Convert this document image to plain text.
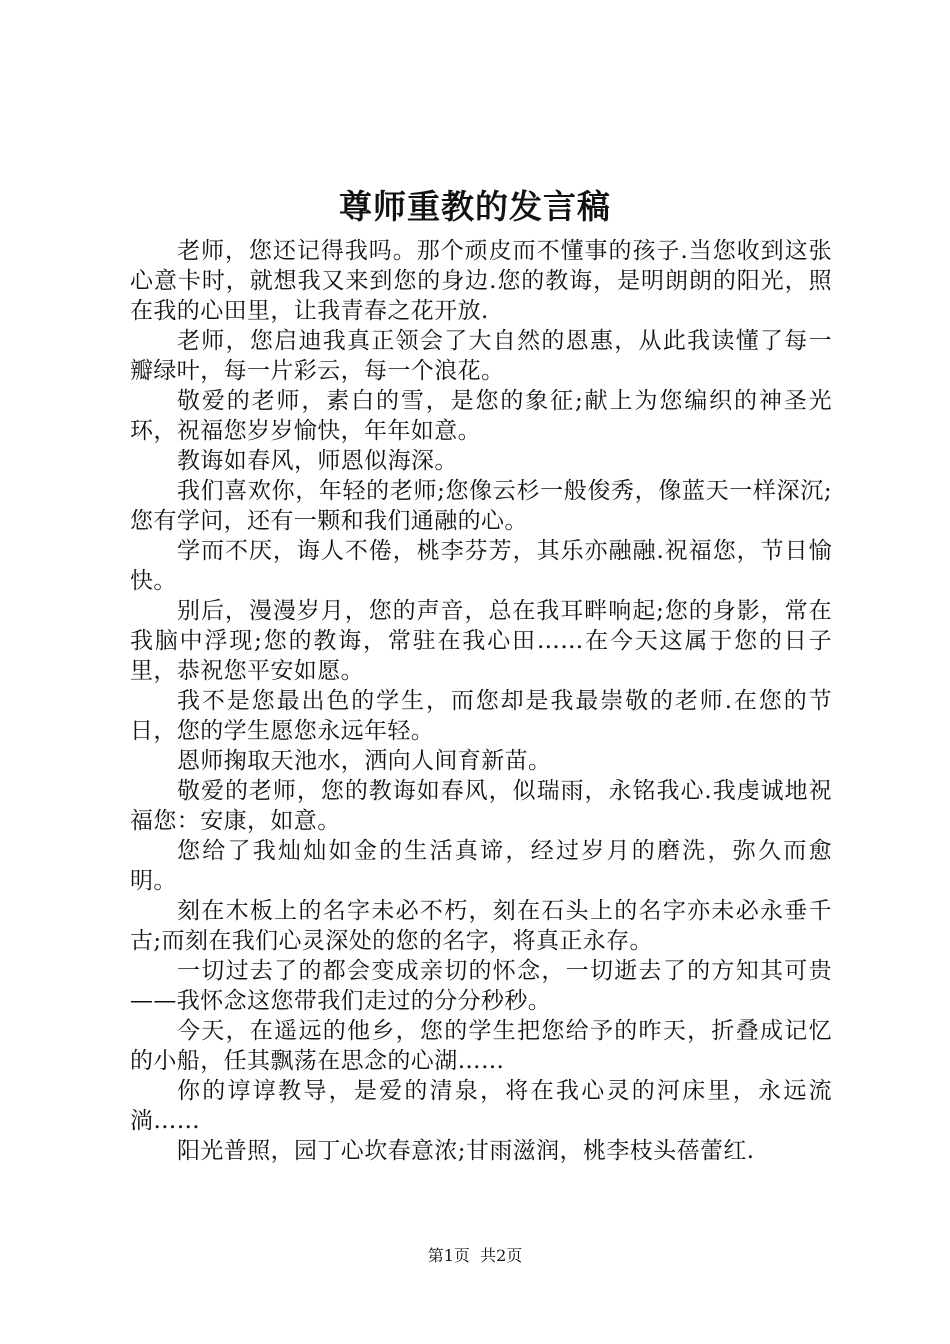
尊师重教的发言稿

老师，您还记得我吗。那个顽皮而不懂事的孩子.当您收到这张心意卡时，就想我又来到您的身边.您的教诲，是明朗朗的阳光，照在我的心田里，让我青春之花开放.

老师，您启迪我真正领会了大自然的恩惠，从此我读懂了每一瓣绿叶，每一片彩云，每一个浪花。

敬爱的老师，素白的雪，是您的象征;献上为您编织的神圣光环，祝福您岁岁愉快，年年如意。

教诲如春风，师恩似海深。

我们喜欢你，年轻的老师;您像云杉一般俊秀，像蓝天一样深沉;您有学问，还有一颗和我们通融的心。

学而不厌，诲人不倦，桃李芬芳，其乐亦融融.祝福您，节日愉快。

别后，漫漫岁月，您的声音，总在我耳畔响起;您的身影，常在我脑中浮现;您的教诲，常驻在我心田……在今天这属于您的日子里，恭祝您平安如愿。

我不是您最出色的学生，而您却是我最崇敬的老师.在您的节日，您的学生愿您永远年轻。

恩师掬取天池水，洒向人间育新苗。

敬爱的老师，您的教诲如春风，似瑞雨，永铭我心.我虔诚地祝福您：安康，如意。

您给了我灿灿如金的生活真谛，经过岁月的磨洗，弥久而愈明。

刻在木板上的名字未必不朽，刻在石头上的名字亦未必永垂千古;而刻在我们心灵深处的您的名字，将真正永存。

一切过去了的都会变成亲切的怀念，一切逝去了的方知其可贵——我怀念这您带我们走过的分分秒秒。

今天，在遥远的他乡，您的学生把您给予的昨天，折叠成记忆的小船，任其飘荡在思念的心湖……

你的谆谆教导，是爱的清泉，将在我心灵的河床里，永远流淌……

阳光普照，园丁心坎春意浓;甘雨滋润，桃李枝头蓓蕾红.

第1页  共2页
